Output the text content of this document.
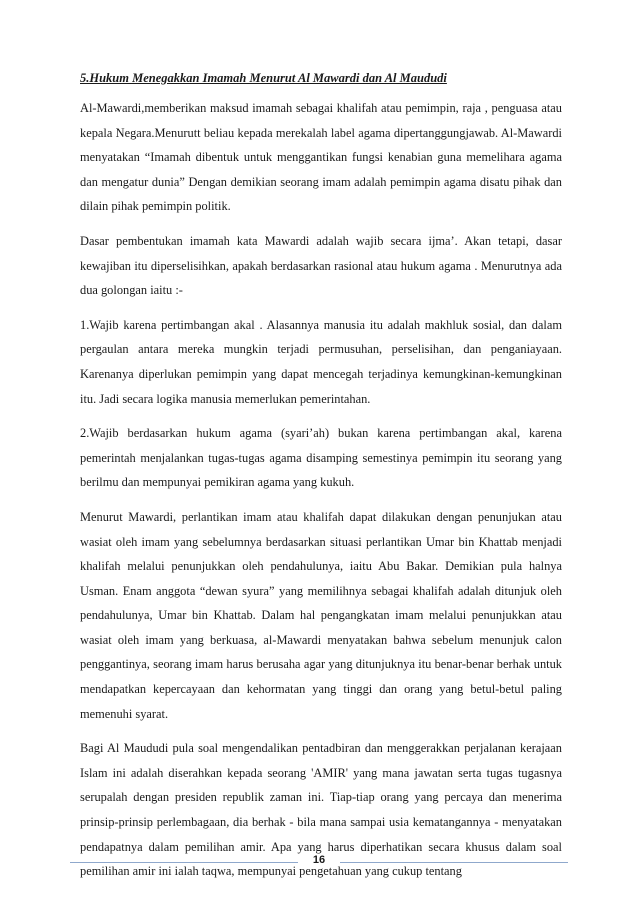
5.Hukum Menegakkan Imamah Menurut Al Mawardi dan Al Maududi

Al-Mawardi,memberikan maksud imamah sebagai khalifah atau pemimpin, raja , penguasa atau kepala Negara.Menurutt beliau kepada merekalah label agama dipertanggungjawab. Al-Mawardi menyatakan “Imamah dibentuk untuk menggantikan fungsi kenabian guna memelihara agama dan mengatur dunia” Dengan demikian seorang imam adalah pemimpin agama disatu pihak dan dilain pihak pemimpin politik.

Dasar pembentukan imamah kata Mawardi adalah wajib secara ijma’. Akan tetapi, dasar kewajiban itu diperselisihkan, apakah berdasarkan rasional atau hukum agama . Menurutnya ada dua golongan iaitu :-

1.Wajib karena pertimbangan akal . Alasannya manusia itu adalah makhluk sosial, dan dalam pergaulan antara mereka mungkin terjadi permusuhan, perselisihan, dan penganiayaan. Karenanya diperlukan pemimpin yang dapat mencegah terjadinya kemungkinan-kemungkinan itu. Jadi secara logika manusia memerlukan pemerintahan.

2.Wajib berdasarkan hukum agama (syari’ah) bukan karena pertimbangan akal, karena pemerintah menjalankan tugas-tugas agama disamping semestinya pemimpin itu seorang yang berilmu dan mempunyai pemikiran agama yang kukuh.

Menurut Mawardi, perlantikan imam atau khalifah dapat dilakukan dengan penunjukan atau wasiat oleh imam yang sebelumnya berdasarkan situasi perlantikan Umar bin Khattab menjadi khalifah melalui penunjukkan oleh pendahulunya, iaitu Abu Bakar. Demikian pula halnya Usman. Enam anggota “dewan syura” yang memilihnya sebagai khalifah adalah ditunjuk oleh pendahulunya, Umar bin Khattab. Dalam hal pengangkatan imam melalui penunjukkan atau wasiat oleh imam yang berkuasa, al-Mawardi menyatakan bahwa sebelum menunjuk calon penggantinya, seorang imam harus berusaha agar yang ditunjuknya itu benar-benar berhak untuk mendapatkan kepercayaan dan kehormatan yang tinggi dan orang yang betul-betul paling memenuhi syarat.

Bagi Al Maududi pula soal mengendalikan pentadbiran dan menggerakkan perjalanan kerajaan Islam ini adalah diserahkan kepada seorang 'AMIR' yang mana jawatan serta tugas tugasnya serupalah dengan presiden republik zaman ini. Tiap-tiap orang yang percaya dan menerima prinsip-prinsip perlembagaan, dia berhak - bila mana sampai usia kematangannya - menyatakan pendapatnya dalam pemilihan amir. Apa yang harus diperhatikan secara khusus dalam soal pemilihan amir ini ialah taqwa, mempunyai pengetahuan yang cukup tentang

16
